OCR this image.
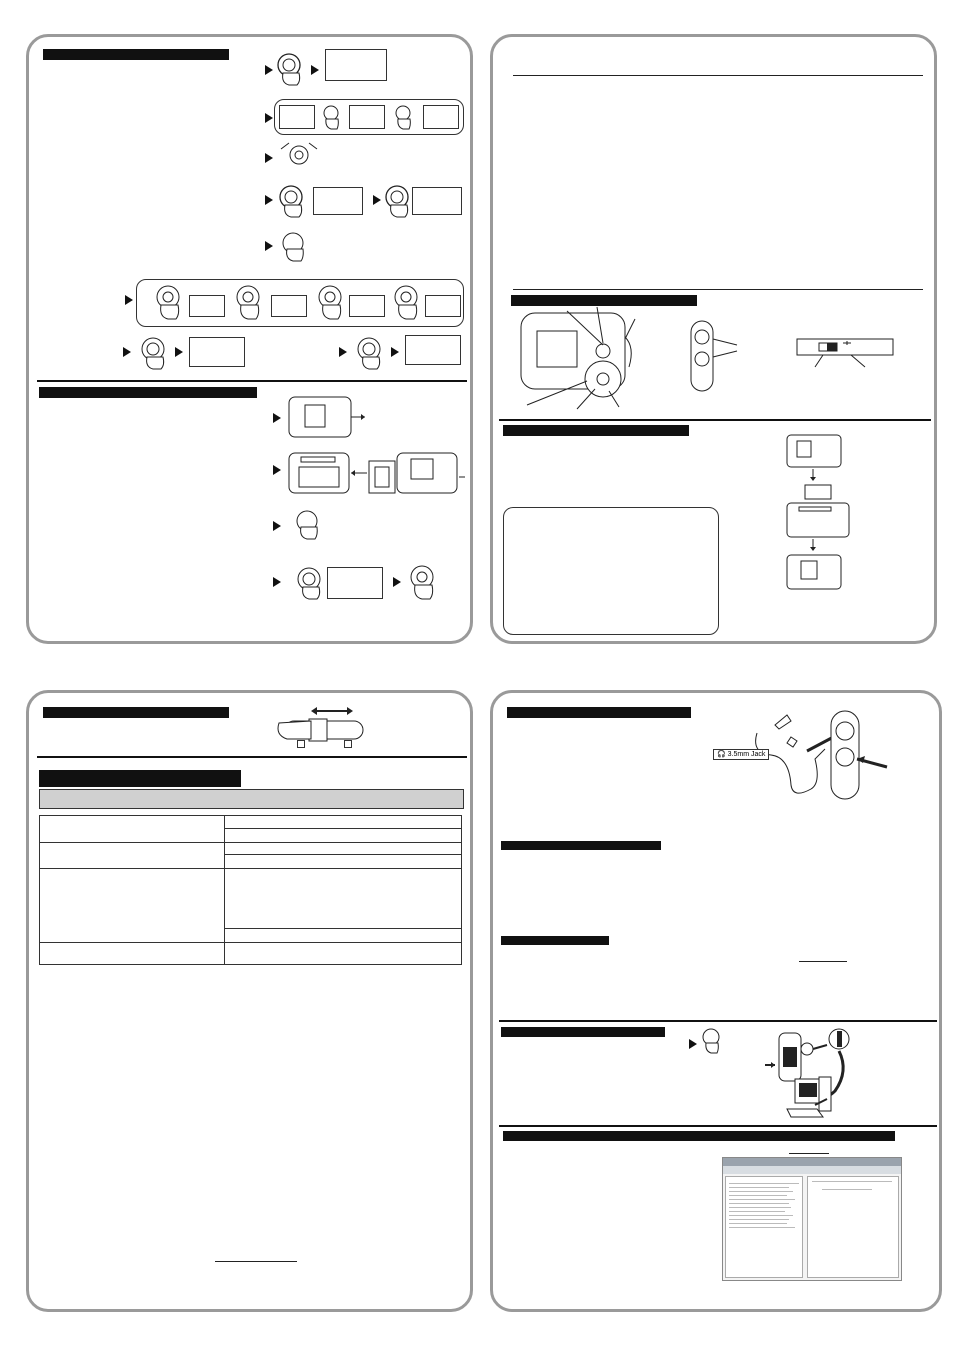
🎧 3.5mm Jack
